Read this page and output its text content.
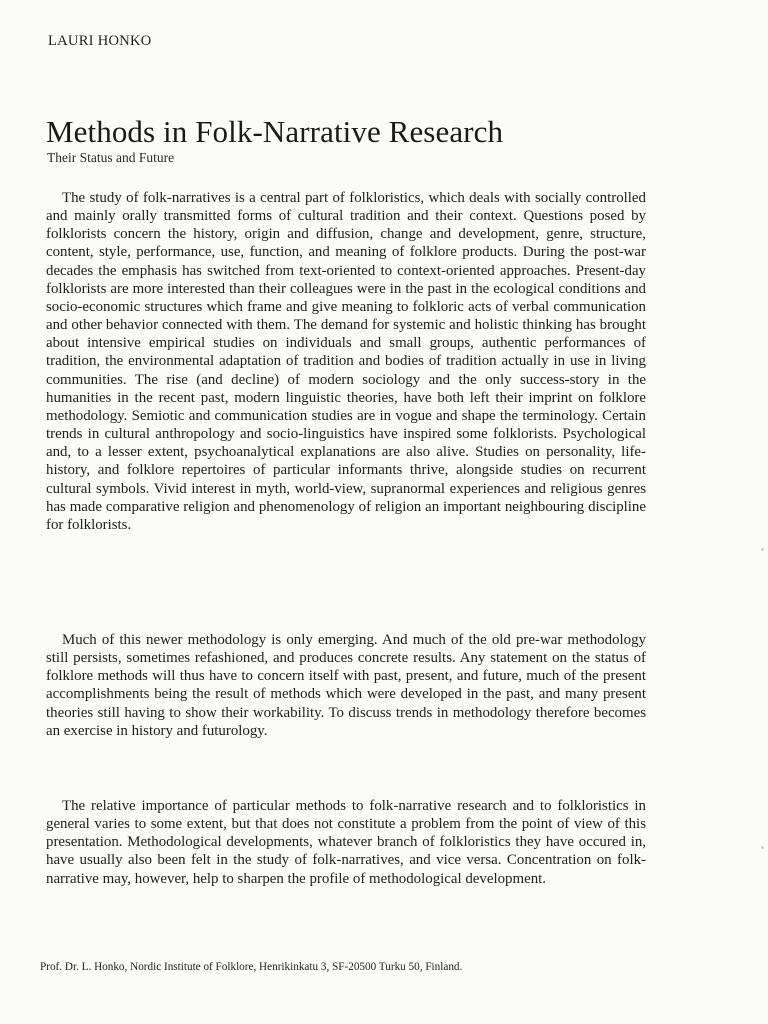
LAURI HONKO
Methods in Folk-Narrative Research
Their Status and Future

The study of folk-narratives is a central part of folkloristics, which deals with socially controlled and mainly orally transmitted forms of cultural tradition and their context. Questions posed by folklorists concern the history, origin and diffusion, change and development, genre, structure, content, style, performance, use, function, and meaning of folklore products. During the post-war decades the emphasis has switched from text-oriented to context-oriented approaches. Present-day folklorists are more interested than their colleagues were in the past in the ecological conditions and socio-economic structures which frame and give meaning to folkloric acts of verbal communication and other behavior connected with them. The demand for systemic and holistic thinking has brought about intensive empirical studies on individuals and small groups, authentic performances of tradition, the environmental adaptation of tradition and bodies of tradition actually in use in living communities. The rise (and decline) of modern sociology and the only success-story in the humanities in the recent past, modern linguistic theories, have both left their imprint on folklore methodology. Semiotic and communication studies are in vogue and shape the terminology. Certain trends in cultural anthropology and socio-linguistics have inspired some folklorists. Psychological and, to a lesser extent, psychoanalytical explanations are also alive. Studies on personality, life-history, and folklore repertoires of particular informants thrive, alongside studies on recurrent cultural symbols. Vivid interest in myth, world-view, supranormal experiences and religious genres has made comparative religion and phenomenology of religion an important neighbouring discipline for folklorists.

Much of this newer methodology is only emerging. And much of the old pre-war methodology still persists, sometimes refashioned, and produces concrete results. Any statement on the status of folklore methods will thus have to concern itself with past, present, and future, much of the present accomplishments being the result of methods which were developed in the past, and many present theories still having to show their workability. To discuss trends in methodology therefore becomes an exercise in history and futurology.

The relative importance of particular methods to folk-narrative research and to folkloristics in general varies to some extent, but that does not constitute a problem from the point of view of this presentation. Methodological developments, whatever branch of folkloristics they have occured in, have usually also been felt in the study of folk-narratives, and vice versa. Concentration on folk-narrative may, however, help to sharpen the profile of methodological development.

Prof. Dr. L. Honko, Nordic Institute of Folklore, Henrikinkatu 3, SF-20500 Turku 50, Finland.
